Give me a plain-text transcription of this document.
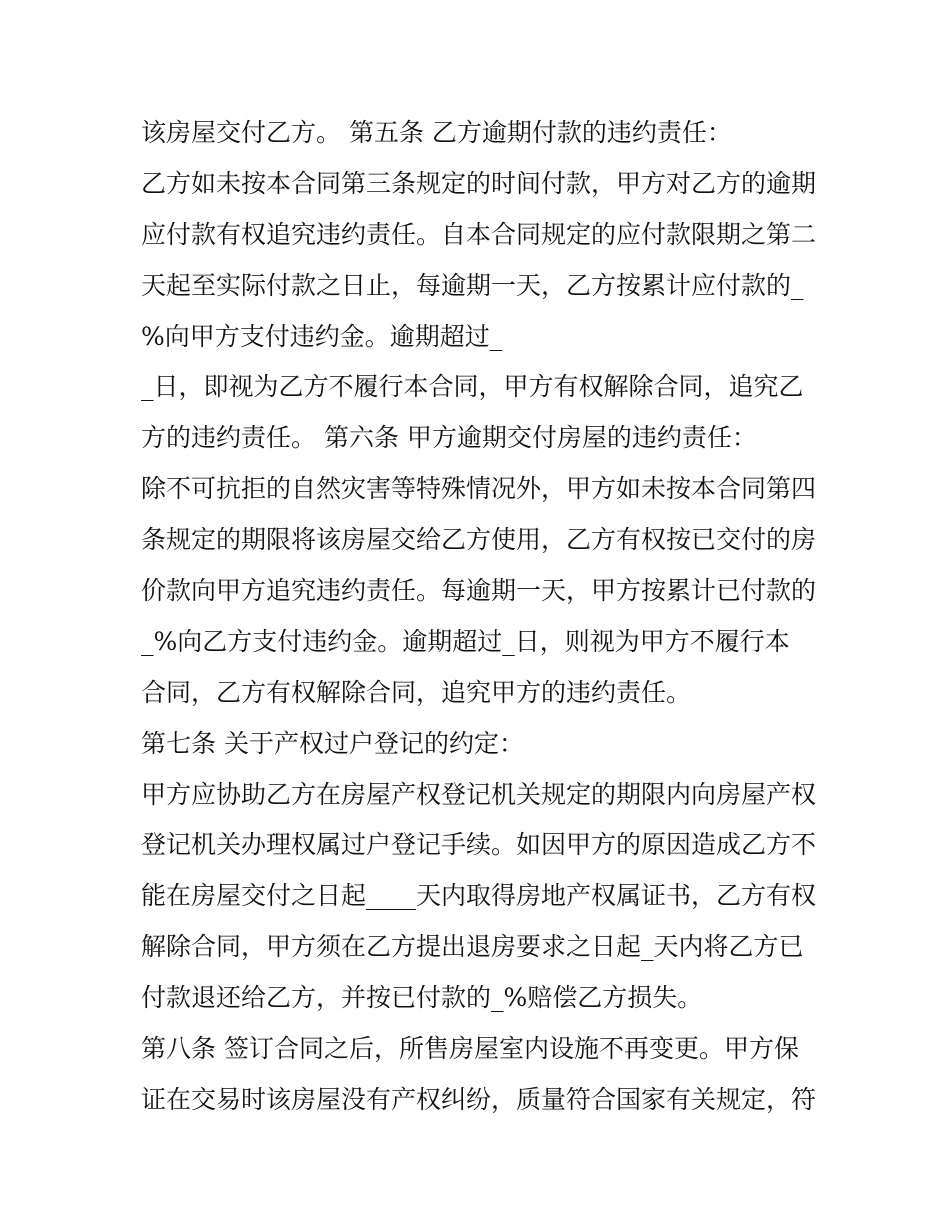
该房屋交付乙方。 第五条 乙方逾期付款的违约责任：
乙方如未按本合同第三条规定的时间付款，甲方对乙方的逾期
应付款有权追究违约责任。自本合同规定的应付款限期之第二
天起至实际付款之日止，每逾期一天，乙方按累计应付款的_
%向甲方支付违约金。逾期超过_
_日，即视为乙方不履行本合同，甲方有权解除合同，追究乙
方的违约责任。 第六条 甲方逾期交付房屋的违约责任：
除不可抗拒的自然灾害等特殊情况外，甲方如未按本合同第四
条规定的期限将该房屋交给乙方使用，乙方有权按已交付的房
价款向甲方追究违约责任。每逾期一天，甲方按累计已付款的
_%向乙方支付违约金。逾期超过_日，则视为甲方不履行本
合同，乙方有权解除合同，追究甲方的违约责任。
第七条 关于产权过户登记的约定：
甲方应协助乙方在房屋产权登记机关规定的期限内向房屋产权
登记机关办理权属过户登记手续。如因甲方的原因造成乙方不
能在房屋交付之日起____天内取得房地产权属证书，乙方有权
解除合同，甲方须在乙方提出退房要求之日起_天内将乙方已
付款退还给乙方，并按已付款的_%赔偿乙方损失。
第八条 签订合同之后，所售房屋室内设施不再变更。甲方保
证在交易时该房屋没有产权纠纷，质量符合国家有关规定，符
